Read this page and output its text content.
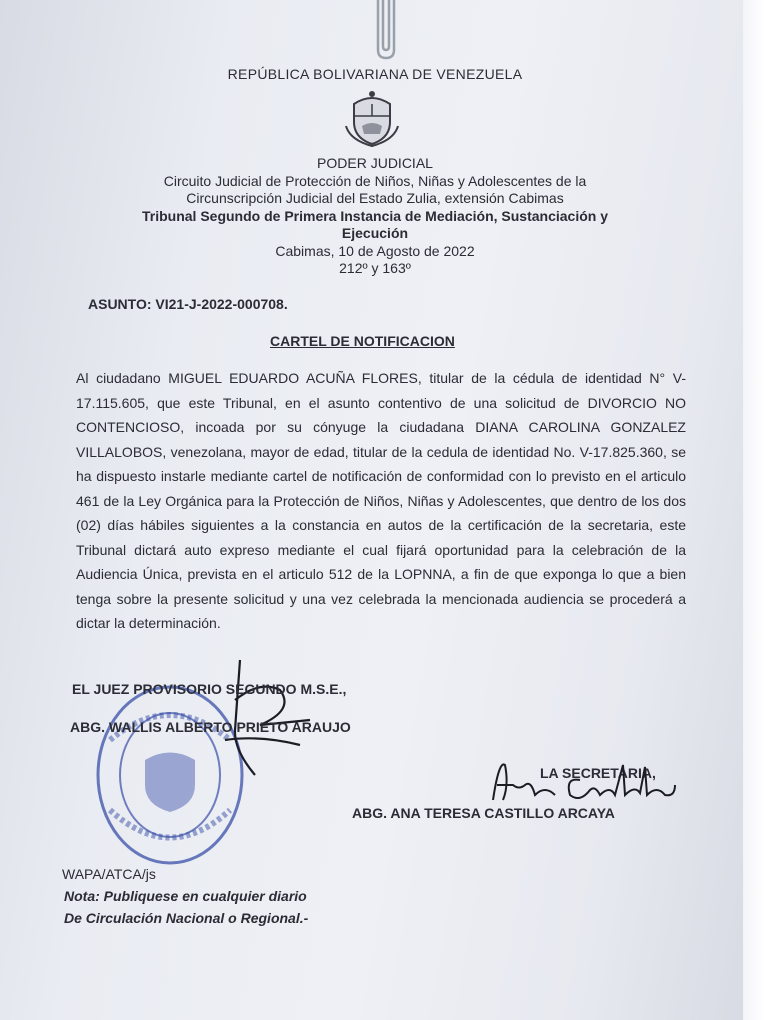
REPÚBLICA BOLIVARIANA DE VENEZUELA
PODER JUDICIAL
Circuito Judicial de Protección de Niños, Niñas y Adolescentes de la
Circunscripción Judicial del Estado Zulia, extensión Cabimas
Tribunal Segundo de Primera Instancia de Mediación, Sustanciación y
Ejecución
Cabimas, 10 de Agosto de 2022
212º y 163º
ASUNTO: VI21-J-2022-000708.
CARTEL DE NOTIFICACION
Al ciudadano MIGUEL EDUARDO ACUÑA FLORES, titular de la cédula de identidad N° V-17.115.605, que este Tribunal, en el asunto contentivo de una solicitud de DIVORCIO NO CONTENCIOSO, incoada por su cónyuge la ciudadana DIANA CAROLINA GONZALEZ VILLALOBOS, venezolana, mayor de edad, titular de la cedula de identidad No. V-17.825.360, se ha dispuesto instarle mediante cartel de notificación de conformidad con lo previsto en el articulo 461 de la Ley Orgánica para la Protección de Niños, Niñas y Adolescentes, que dentro de los dos (02) días hábiles siguientes a la constancia en autos de la certificación de la secretaria, este Tribunal dictará auto expreso mediante el cual fijará oportunidad para la celebración de la Audiencia Única, prevista en el articulo 512 de la LOPNNA, a fin de que exponga lo que a bien tenga sobre la presente solicitud y una vez celebrada la mencionada audiencia se procederá a dictar la determinación.
EL JUEZ PROVISORIO SEGUNDO M.S.E.,
ABG. WALLIS ALBERTO PRIETO ARAUJO
LA SECRETARIA,
ABG. ANA TERESA CASTILLO ARCAYA
WAPA/ATCA/js
Nota: Publiquese en cualquier diario
De Circulación Nacional o Regional.-
